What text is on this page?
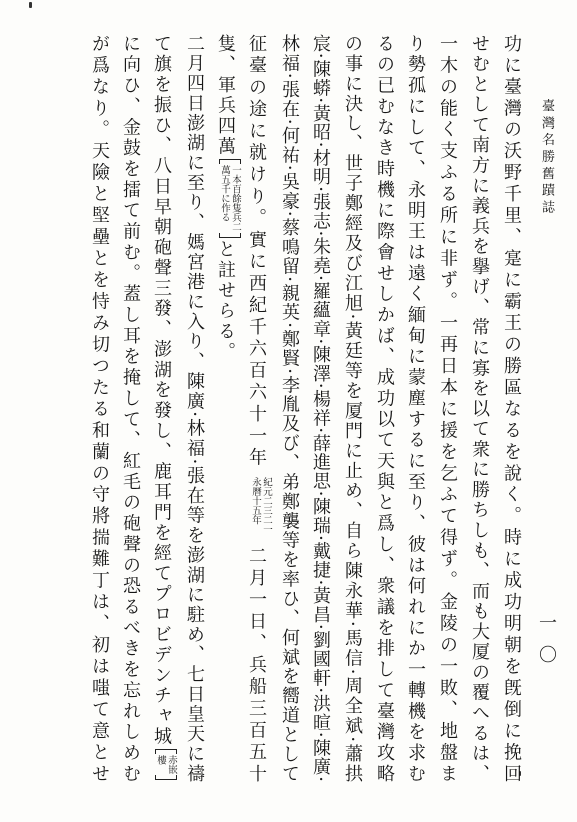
臺灣名勝舊蹟誌
一〇
功に臺灣の沃野千里、寔に霸王の勝區なるを說く。時に成功明朝を旣倒に挽回
せむとして南方に義兵を擧げ、常に寡を以て衆に勝ちしも、而も大厦の覆へるは、
一木の能く支ふる所に非ず。一再日本に援を乞ふて得ず。金陵の一敗、地盤ま
り勢孤にして、永明王は遠く緬甸に蒙塵するに至り、彼は何れにか一轉機を求む
るの已むなき時機に際會せしかば、成功以て天與と爲し、衆議を排して臺灣攻略
の事に決し、世子鄭經及び江旭·黃廷等を厦門に止め、自ら陳永華·馬信·周全斌·蕭拱
宸·陳蟒·黃昭·材明·張志·朱堯·羅蘊章·陳澤·楊祥·薛進思·陳瑞·戴捷·黃昌·劉國軒·洪暄·陳廣·
林福·張在·何祐·吳豪·蔡鳴留·親英·鄭賢·李胤及び、弟鄭襲等を率ひ、何斌を嚮道として
征臺の途に就けり。實に西紀千六百六十一年
紀元二三二一
永曆十五年
二月一日、兵船三百五十
隻、軍兵四萬
一本百餘隻兵二
萬五千に作る
と註せらる。
二月四日澎湖に至り、媽宮港に入り、陳廣·林福·張在等を澎湖に駐め、七日皇天に禱
て旗を振ひ、八日早朝砲聲三發、澎湖を發し、鹿耳門を經てプロビデンチャ城
赤嵌
樓
に向ひ、金鼓を擂て前む。蓋し耳を掩して、紅毛の砲聲の恐るべきを忘れしめむ
が爲なり。天險と堅壘とを恃み切つたる和蘭の守將揣難丁は、初は嗤て意とせ
